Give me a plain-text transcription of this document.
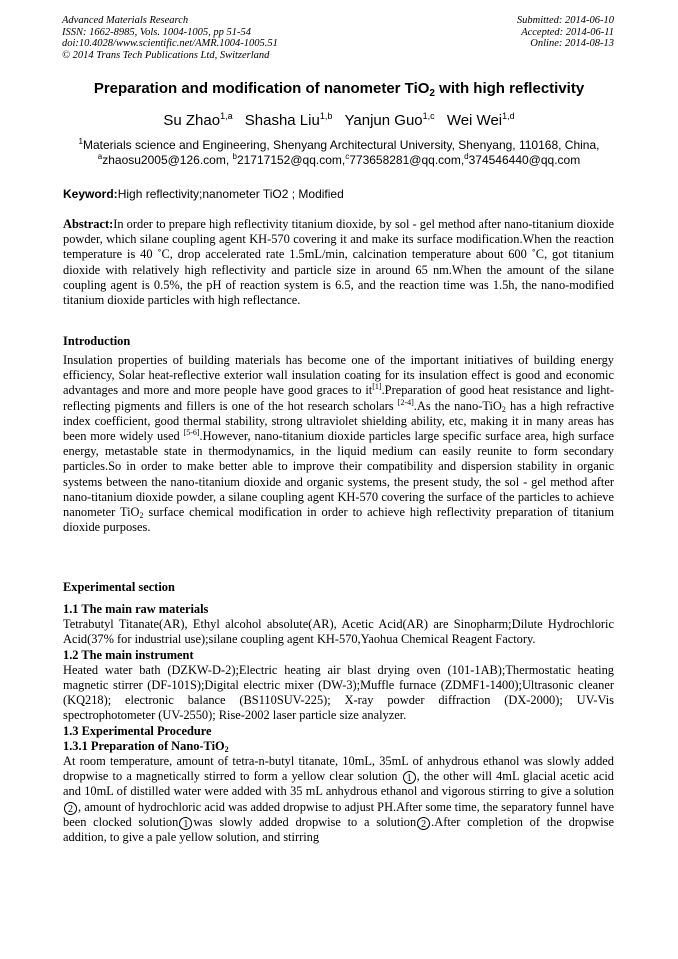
Advanced Materials Research
ISSN: 1662-8985, Vols. 1004-1005, pp 51-54
doi:10.4028/www.scientific.net/AMR.1004-1005.51
© 2014 Trans Tech Publications Ltd, Switzerland
Submitted: 2014-06-10
Accepted: 2014-06-11
Online: 2014-08-13
Preparation and modification of nanometer TiO$_2$ with high reflectivity
Su Zhao$^{1,a}$ Shasha Liu$^{1,b}$ Yanjun Guo$^{1,c}$ Wei Wei$^{1,d}$
$^1$Materials science and Engineering, Shenyang Architectural University, Shenyang, 110168, China,
$^a$zhaosu2005@126.com, $^b$21717152@qq.com,$^c$773658281@qq.com,$^d$374546440@qq.com
Keyword:High reflectivity;nanometer TiO2 ; Modified
Abstract:In order to prepare high reflectivity titanium dioxide, by sol - gel method after nano-titanium dioxide powder, which silane coupling agent KH-570 covering it and make its surface modification.When the reaction temperature is 40 ˚C, drop accelerated rate 1.5mL/min, calcination temperature about 600 ˚C, got titanium dioxide with relatively high reflectivity and particle size in around 65 nm.When the amount of the silane coupling agent is 0.5%, the pH of reaction system is 6.5, and the reaction time was 1.5h, the nano-modified titanium dioxide particles with high reflectance.
Introduction
Insulation properties of building materials has become one of the important initiatives of building energy efficiency, Solar heat-reflective exterior wall insulation coating for its insulation effect is good and economic advantages and more and more people have good graces to it[1].Preparation of good heat resistance and light-reflecting pigments and fillers is one of the hot research scholars [2-4].As the nano-TiO$_2$ has a high refractive index coefficient, good thermal stability, strong ultraviolet shielding ability, etc, making it in many areas has been more widely used [5-6].However, nano-titanium dioxide particles large specific surface area, high surface energy, metastable state in thermodynamics, in the liquid medium can easily reunite to form secondary particles.So in order to make better able to improve their compatibility and dispersion stability in organic systems between the nano-titanium dioxide and organic systems, the present study, the sol - gel method after nano-titanium dioxide powder, a silane coupling agent KH-570 covering the surface of the particles to achieve nanometer TiO$_2$ surface chemical modification in order to achieve high reflectivity preparation of titanium dioxide purposes.
Experimental section
1.1 The main raw materials
Tetrabutyl Titanate(AR), Ethyl alcohol absolute(AR), Acetic Acid(AR) are Sinopharm;Dilute Hydrochloric Acid(37% for industrial use);silane coupling agent KH-570,Yaohua Chemical Reagent Factory.
1.2 The main instrument
Heated water bath (DZKW-D-2);Electric heating air blast drying oven (101-1AB);Thermostatic heating magnetic stirrer (DF-101S);Digital electric mixer (DW-3);Muffle furnace (ZDMF1-1400);Ultrasonic cleaner (KQ218); electronic balance (BS110SUV-225); X-ray powder diffraction (DX-2000); UV-Vis spectrophotometer (UV-2550); Rise-2002 laser particle size analyzer.
1.3 Experimental Procedure
1.3.1 Preparation of Nano-TiO$_2$
At room temperature, amount of tetra-n-butyl titanate, 10mL, 35mL of anhydrous ethanol was slowly added dropwise to a magnetically stirred to form a yellow clear solution 1 , the other will 4mL glacial acetic acid and 10mL of distilled water were added with 35 mL anhydrous ethanol and vigorous stirring to give a solution 2 , amount of hydrochloric acid was added dropwise to adjust PH.After some time, the separatory funnel have been clocked solution 1 was slowly added dropwise to a solution 2 .After completion of the dropwise addition, to give a pale yellow solution, and stirring
